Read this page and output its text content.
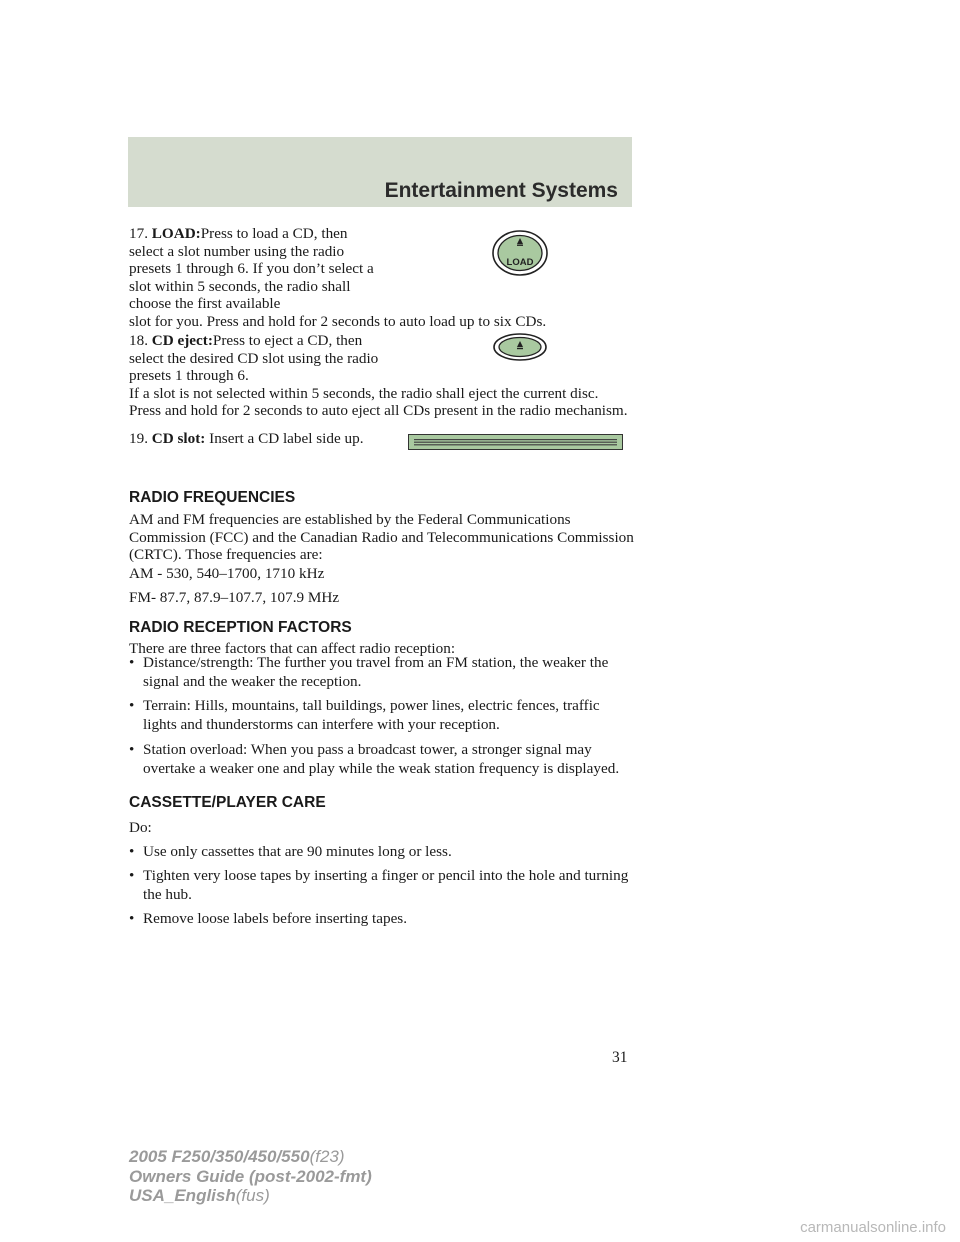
Entertainment Systems
17. LOAD:Press to load a CD, then select a slot number using the radio presets 1 through 6. If you don’t select a slot within 5 seconds, the radio shall choose the first available
slot for you. Press and hold for 2 seconds to auto load up to six CDs.
LOAD
18. CD eject:Press to eject a CD, then select the desired CD slot using the radio presets 1 through 6.
If a slot is not selected within 5 seconds, the radio shall eject the current disc. Press and hold for 2 seconds to auto eject all CDs present in the radio mechanism.
19. CD slot: Insert a CD label side up.
RADIO FREQUENCIES
AM and FM frequencies are established by the Federal Communications Commission (FCC) and the Canadian Radio and Telecommunications Commission (CRTC). Those frequencies are:
AM - 530, 540–1700, 1710 kHz
FM- 87.7, 87.9–107.7, 107.9 MHz
RADIO RECEPTION FACTORS
There are three factors that can affect radio reception:
• Distance/strength: The further you travel from an FM station, the weaker the signal and the weaker the reception.
• Terrain: Hills, mountains, tall buildings, power lines, electric fences, traffic lights and thunderstorms can interfere with your reception.
• Station overload: When you pass a broadcast tower, a stronger signal may overtake a weaker one and play while the weak station frequency is displayed.
CASSETTE/PLAYER CARE
Do:
• Use only cassettes that are 90 minutes long or less.
• Tighten very loose tapes by inserting a finger or pencil into the hole and turning the hub.
• Remove loose labels before inserting tapes.
31
2005 F250/350/450/550(f23)
Owners Guide (post-2002-fmt)
USA_English(fus)
carmanualsonline.info
